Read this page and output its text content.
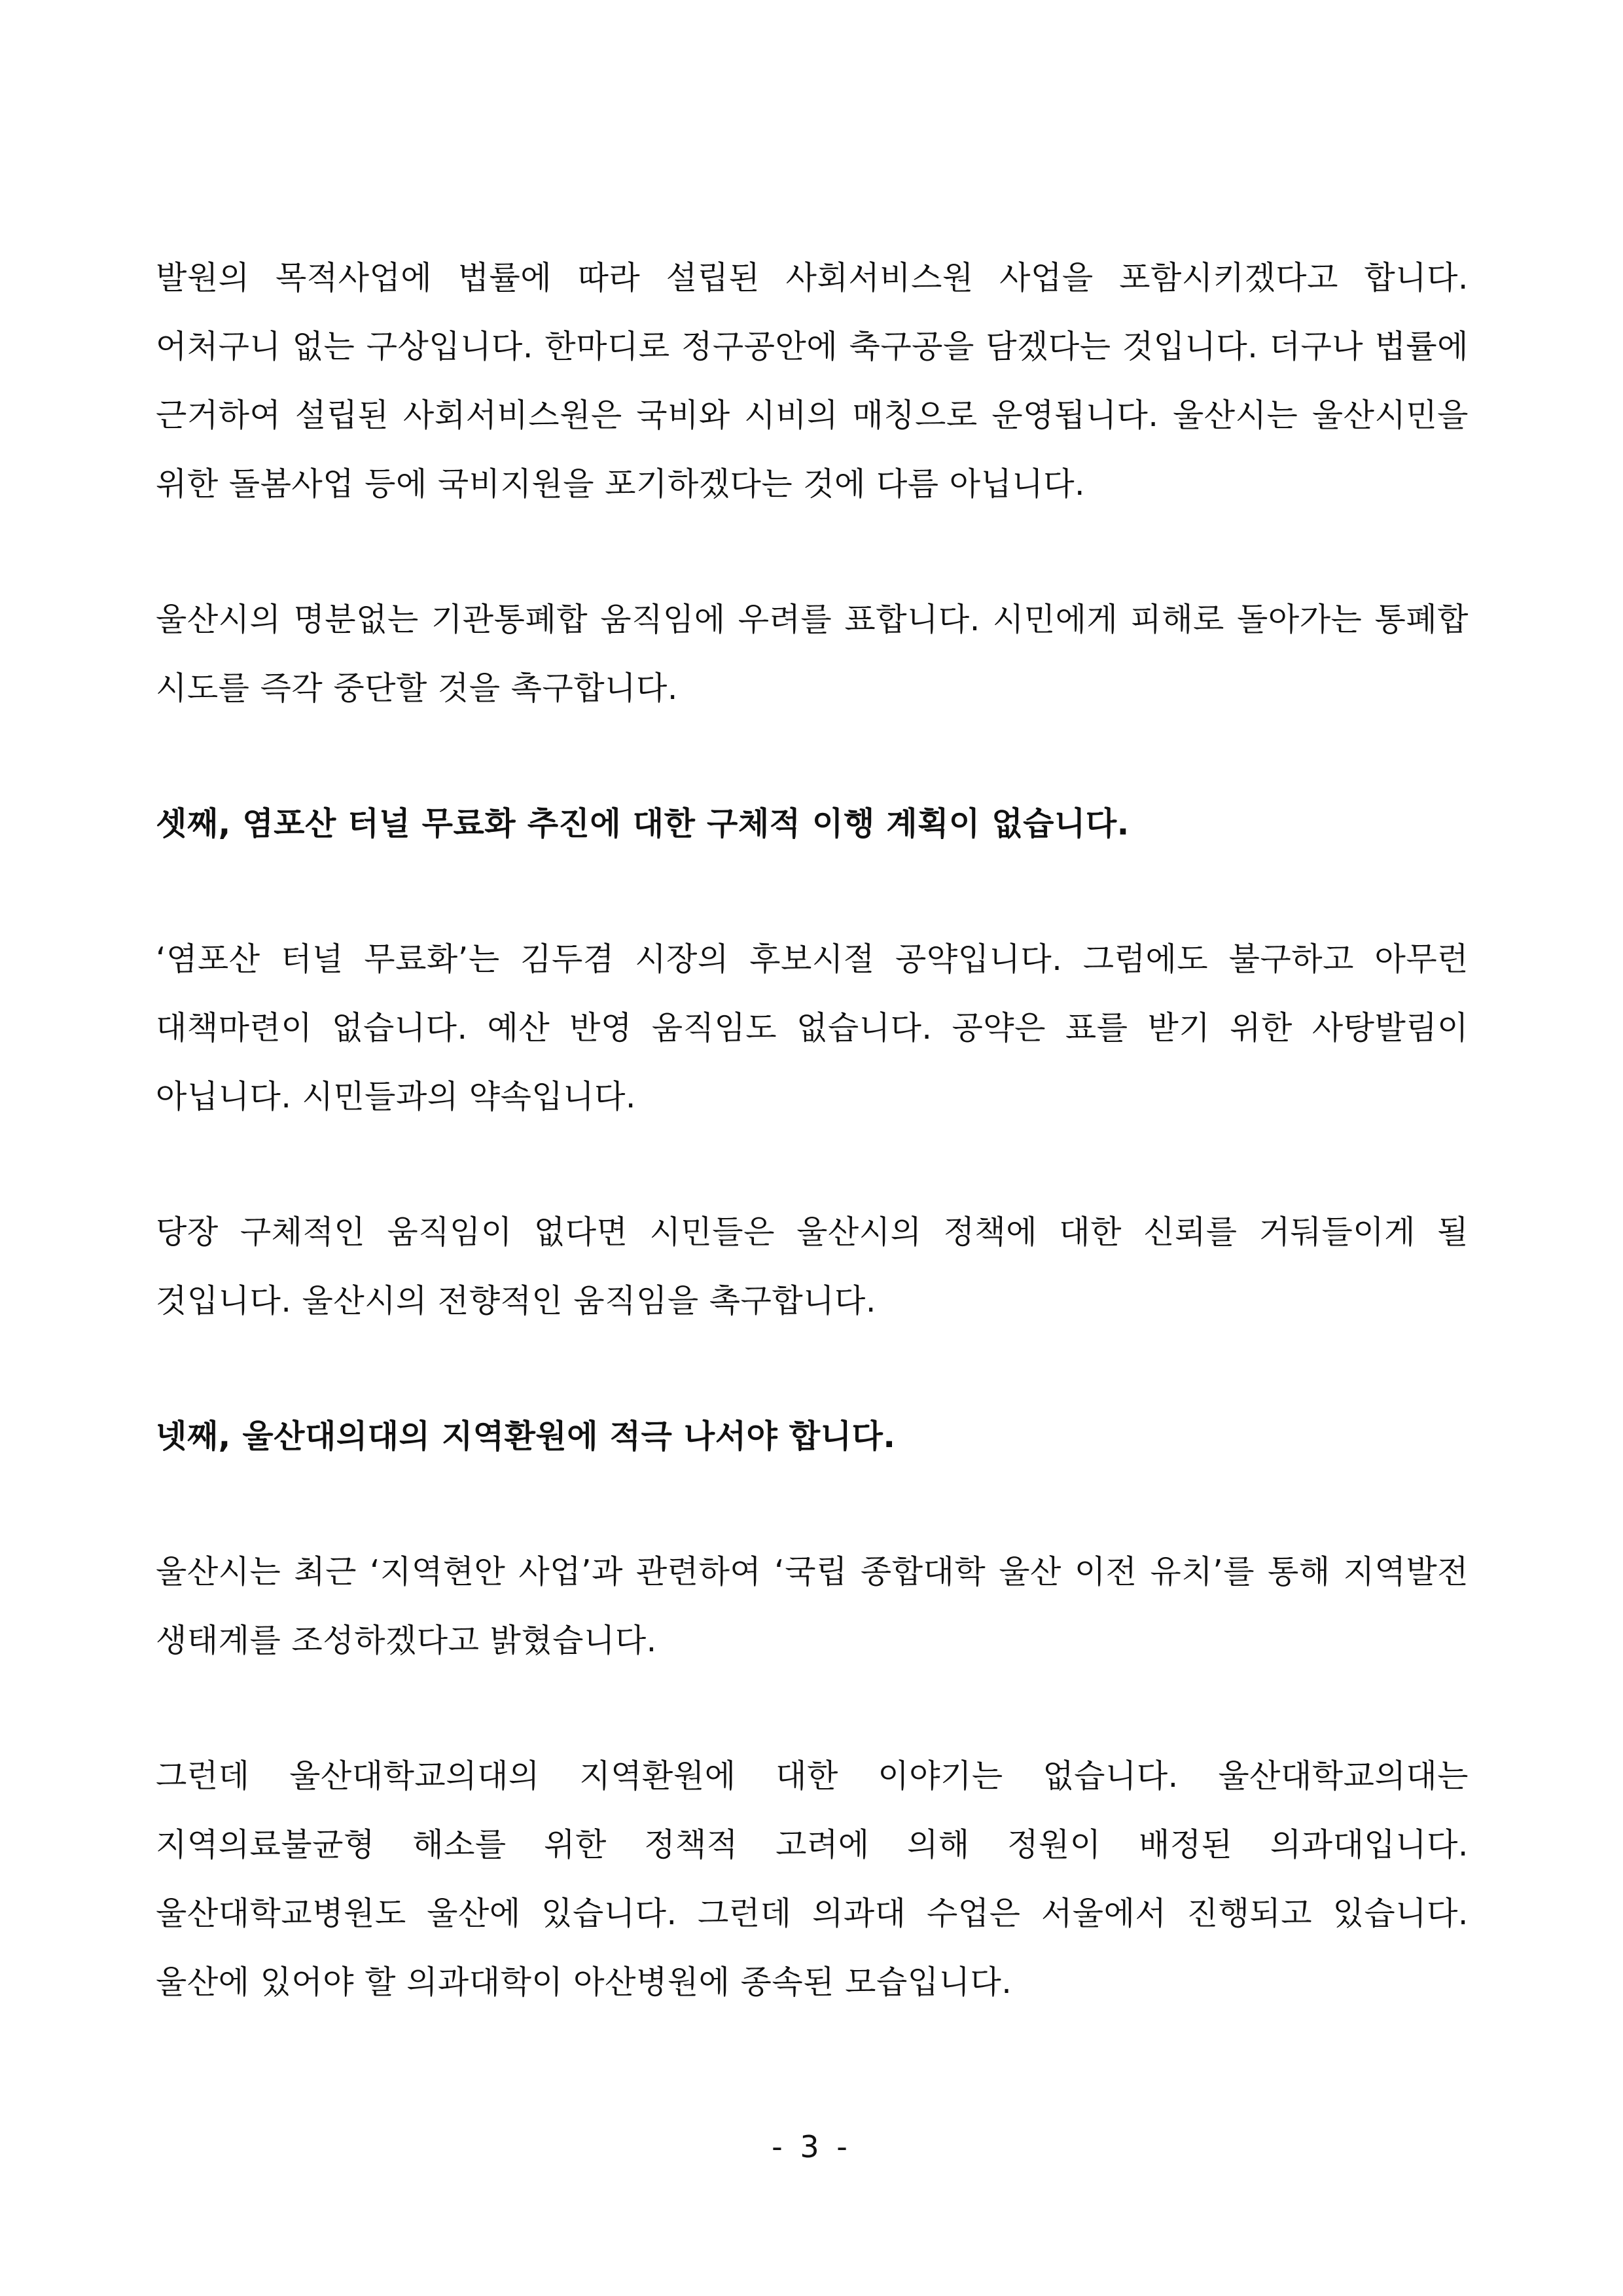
발원의 목적사업에 법률에 따라 설립된 사회서비스원 사업을 포함시키겠다고 합니다. 어처구니 없는 구상입니다. 한마디로 정구공안에 축구공을 담겠다는 것입니다. 더구나 법률에 근거하여 설립된 사회서비스원은 국비와 시비의 매칭으로 운영됩니다. 울산시는 울산시민을 위한 돌봄사업 등에 국비지원을 포기하겠다는 것에 다름 아닙니다.

울산시의 명분없는 기관통폐합 움직임에 우려를 표합니다. 시민에게 피해로 돌아가는 통폐합 시도를 즉각 중단할 것을 촉구합니다.

셋째, 염포산 터널 무료화 추진에 대한 구체적 이행 계획이 없습니다.

‘염포산 터널 무료화’는 김두겸 시장의 후보시절 공약입니다. 그럼에도 불구하고 아무런 대책마련이 없습니다. 예산 반영 움직임도 없습니다. 공약은 표를 받기 위한 사탕발림이 아닙니다. 시민들과의 약속입니다.

당장 구체적인 움직임이 없다면 시민들은 울산시의 정책에 대한 신뢰를 거둬들이게 될 것입니다. 울산시의 전향적인 움직임을 촉구합니다.

넷째, 울산대의대의 지역환원에 적극 나서야 합니다.

울산시는 최근 ‘지역현안 사업’과 관련하여 ‘국립 종합대학 울산 이전 유치’를 통해 지역발전 생태계를 조성하겠다고 밝혔습니다.

그런데 울산대학교의대의 지역환원에 대한 이야기는 없습니다. 울산대학교의대는 지역의료불균형 해소를 위한 정책적 고려에 의해 정원이 배정된 의과대입니다. 울산대학교병원도 울산에 있습니다. 그런데 의과대 수업은 서울에서 진행되고 있습니다. 울산에 있어야 할 의과대학이 아산병원에 종속된 모습입니다.

- 3 -
